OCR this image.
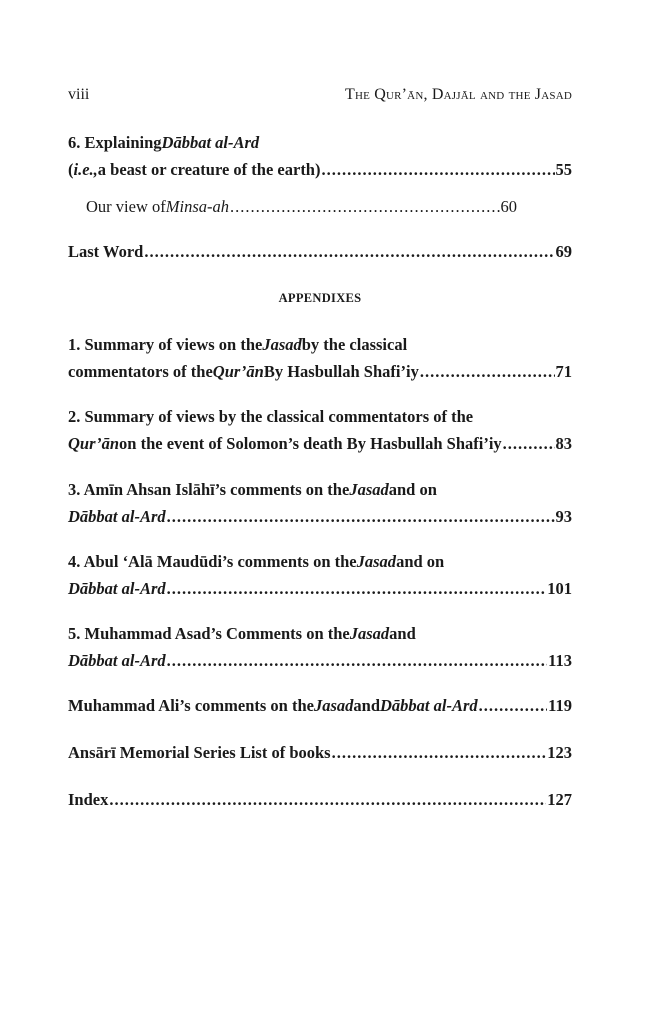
viii	The Qur’ān, Dajjāl and the Jasad
6. Explaining Dābbat al-Ard
( i.e., a beast or creature of the earth) .....	55
Our view of Minsa-ah .....	60
Last Word .....	69
APPENDIXES
1. Summary of views on the Jasad by the classical
commentators of the Qur’ān By Hasbullah Shafi’iy .....	71
2. Summary of views by the classical commentators of the
Qur’ān on the event of Solomon’s death By Hasbullah Shafi’iy .....	83
3. Amīn Ahsan Islāhī’s comments on the Jasad and on
Dābbat al-Ard .....	93
4. Abul ‘Alā Maudūdi’s comments on the Jasad and on
Dābbat al-Ard .....	101
5. Muhammad Asad’s Comments on the Jasad and
Dābbat al-Ard .....	113
Muhammad Ali’s comments on the Jasad and Dābbat al-Ard .....	119
Ansārī Memorial Series List of books .....	123
Index .....	127
